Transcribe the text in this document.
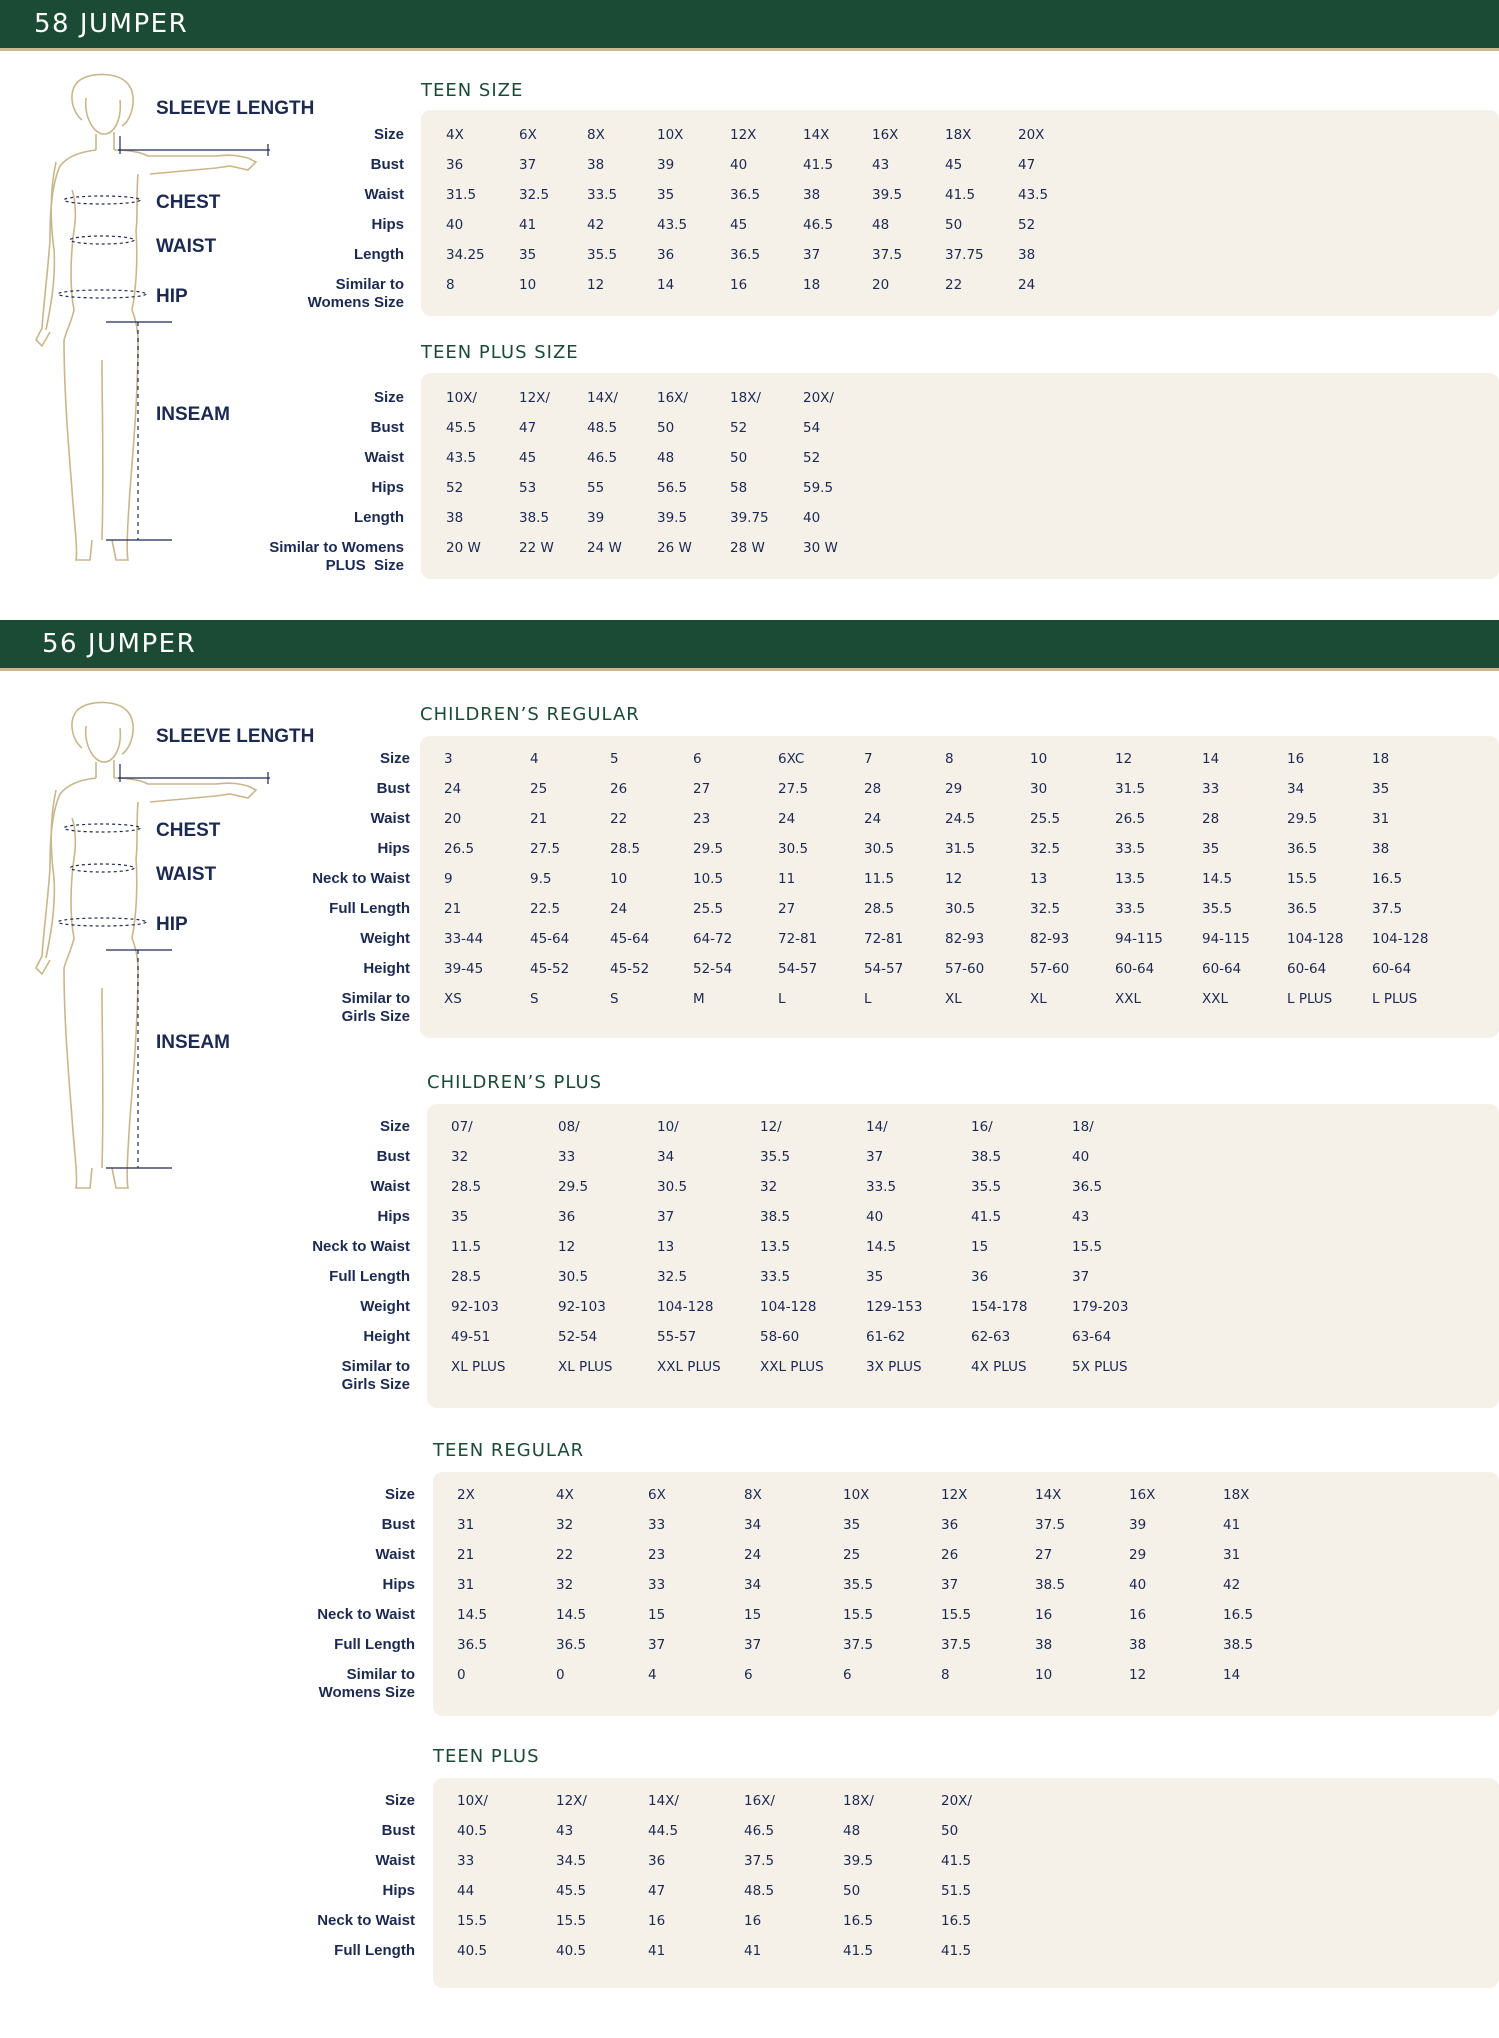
58 JUMPER
SLEEVE LENGTH
CHEST
WAIST
HIP
INSEAM
TEEN SIZE
TEEN PLUS SIZE
56 JUMPER
SLEEVE LENGTH
CHEST
WAIST
HIP
INSEAM
CHILDREN’S REGULAR
CHILDREN’S PLUS
TEEN REGULAR
TEEN PLUS
Size	4X	6X	8X	10X	12X	14X	16X	18X	20X
Bust	36	37	38	39	40	41.5	43	45	47
Waist	31.5	32.5	33.5	35	36.5	38	39.5	41.5	43.5
Hips	40	41	42	43.5	45	46.5	48	50	52
Length	34.25	35	35.5	36	36.5	37	37.5	37.75	38
Similar to
Womens Size
8	10	12	14	16	18	20	22	24
Size	10X/	12X/	14X/	16X/	18X/	20X/
Bust	45.5	47	48.5	50	52	54
Waist	43.5	45	46.5	48	50	52
Hips	52	53	55	56.5	58	59.5
Length	38	38.5	39	39.5	39.75	40
Similar to Womens
PLUS  Size
20 W	22 W 24 W	26 W	28 W	30 W
Size	3	4	5	6	6XC	7	8	10	12	14	16	18
Bust	24	25	26	27	27.5	28	29	30	31.5	33	34	35
Waist	20	21	22	23	24	24	24.5	25.5	26.5	28	29.5	31
Hips	26.5	27.5	28.5	29.5	30.5	30.5	31.5	32.5	33.5	35	36.5	38
Neck to Waist	9	9.5	10	10.5	11	11.5	12	13	13.5	14.5	15.5	16.5
Full Length	21	22.5	24	25.5	27	28.5	30.5	32.5	33.5	35.5	36.5	37.5
Weight	33-44	45-64	45-64	64-72	72-81	72-81	82-93	82-93	94-115	94-115	104-128 104-128
Height	39-45	45-52	45-52	52-54	54-57	54-57	57-60	57-60	60-64	60-64	60-64	60-64
Similar to
Girls Size
XS	S	S	M	L	L	XL	XL	XXL	XXL	L PLUS	L PLUS
Size	07/	08/	10/	12/	14/	16/	18/
Bust	32	33	34	35.5	37	38.5	40
Waist	28.5	29.5	30.5	32	33.5	35.5	36.5
Hips	35	36	37	38.5	40	41.5	43
Neck to Waist	11.5	12	13	13.5	14.5	15	15.5
Full Length	28.5	30.5	32.5	33.5	35	36	37
Weight	92-103	92-103	104-128	104-128	129-153	154-178	179-203
Height	49-51	52-54	55-57	58-60	61-62	62-63	63-64
Similar to
Girls Size
XL PLUS	XL PLUS	XXL PLUS	XXL PLUS	3X PLUS	4X PLUS	5X PLUS
Size	2X	4X	6X	8X	10X	12X	14X	16X	18X
Bust	31	32	33	34	35	36	37.5	39	41
Waist	21	22	23	24	25	26	27	29	31
Hips	31	32	33	34	35.5	37	38.5	40	42
Neck to Waist	14.5	14.5	15	15	15.5	15.5	16	16	16.5
Full Length	36.5	36.5	37	37	37.5	37.5	38	38	38.5
Similar to
Womens Size
0	0	4	6	6	8	10	12	14
Size	10X/	12X/	14X/	16X/	18X/	20X/
Bust	40.5	43	44.5	46.5	48	50
Waist	33	34.5	36	37.5	39.5	41.5
Hips	44	45.5	47	48.5	50	51.5
Neck to Waist	15.5	15.5	16	16	16.5	16.5
Full Length	40.5	40.5	41	41	41.5	41.5
